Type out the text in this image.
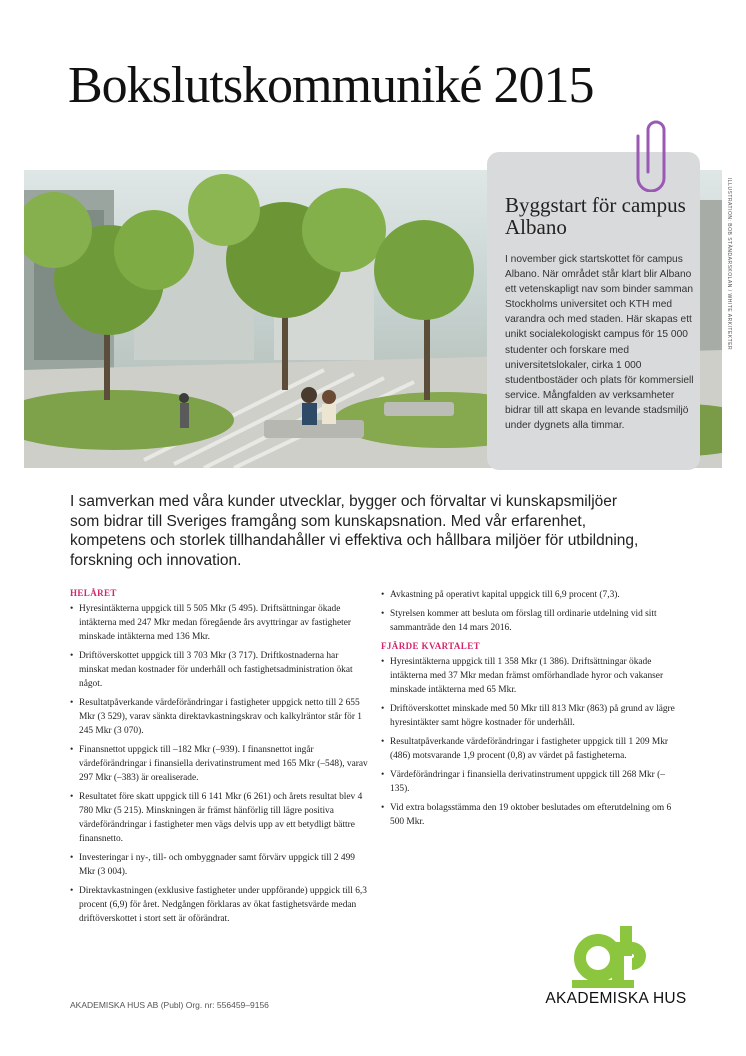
Bokslutskommuniké 2015
ILLUSTRATION: BOB STÄNDARSKOLAN / WHITE ARKITEKTER
Byggstart för campus Albano

I november gick startskottet för campus Albano. När området står klart blir Albano ett vetenskapligt nav som binder samman Stockholms universitet och KTH med varandra och med staden. Här skapas ett unikt socialekologiskt campus för 15 000 studenter och forskare med universitetslokaler, cirka 1 000 studentbostäder och plats för kommersiell service. Mångfalden av verksamheter bidrar till att skapa en levande stadsmiljö under dygnets alla timmar.

I samverkan med våra kunder utvecklar, bygger och förvaltar vi kunskapsmiljöer som bidrar till Sveriges framgång som kunskapsnation. Med vår erfarenhet, kompetens och storlek tillhandahåller vi effektiva och hållbara miljöer för utbildning, forskning och innovation.

HELÅRET
• Hyresintäkterna uppgick till 5 505 Mkr (5 495). Driftsättningar ökade intäkterna med 247 Mkr medan föregående års avyttringar av fastigheter minskade intäkterna med 136 Mkr.
• Driftöverskottet uppgick till 3 703 Mkr (3 717). Driftkostnaderna har minskat medan kostnader för underhåll och fastighetsadministration ökat något.
• Resultatpåverkande värdeförändringar i fastigheter uppgick netto till 2 655 Mkr (3 529), varav sänkta direktavkastningskrav och kalkylräntor står för 1 245 Mkr (3 070).
• Finansnettot uppgick till –182 Mkr (–939). I finansnettot ingår värdeförändringar i finansiella derivatinstrument med 165 Mkr (–548), varav 297 Mkr (–383) är orealiserade.
• Resultatet före skatt uppgick till 6 141 Mkr (6 261) och årets resultat blev 4 780 Mkr (5 215). Minskningen är främst hänförlig till lägre positiva värdeförändringar i fastigheter men vägs delvis upp av ett betydligt bättre finansnetto.
• Investeringar i ny-, till- och ombyggnader samt förvärv uppgick till 2 499 Mkr (3 004).
• Direktavkastningen (exklusive fastigheter under uppförande) uppgick till 6,3 procent (6,9) för året. Nedgången förklaras av ökat fastighetsvärde medan driftöverskottet i stort sett är oförändrat.
• Avkastning på operativt kapital uppgick till 6,9 procent (7,3).
• Styrelsen kommer att besluta om förslag till ordinarie utdelning vid sitt sammanträde den 14 mars 2016.
FJÄRDE KVARTALET
• Hyresintäkterna uppgick till 1 358 Mkr (1 386). Driftsättningar ökade intäkterna med 37 Mkr medan främst omförhandlade hyror och vakanser minskade intäkterna med 65 Mkr.
• Driftöverskottet minskade med 50 Mkr till 813 Mkr (863) på grund av lägre hyresintäkter samt högre kostnader för underhåll.
• Resultatpåverkande värdeförändringar i fastigheter uppgick till 1 209 Mkr (486) motsvarande 1,9 procent (0,8) av värdet på fastigheterna.
• Värdeförändringar i finansiella derivatinstrument uppgick till 268 Mkr (–135).
• Vid extra bolagsstämma den 19 oktober beslutades om efterutdelning om 6 500 Mkr.
AKADEMISKA HUS AB (Publ) Org. nr: 556459–9156	AKADEMISKA HUS
